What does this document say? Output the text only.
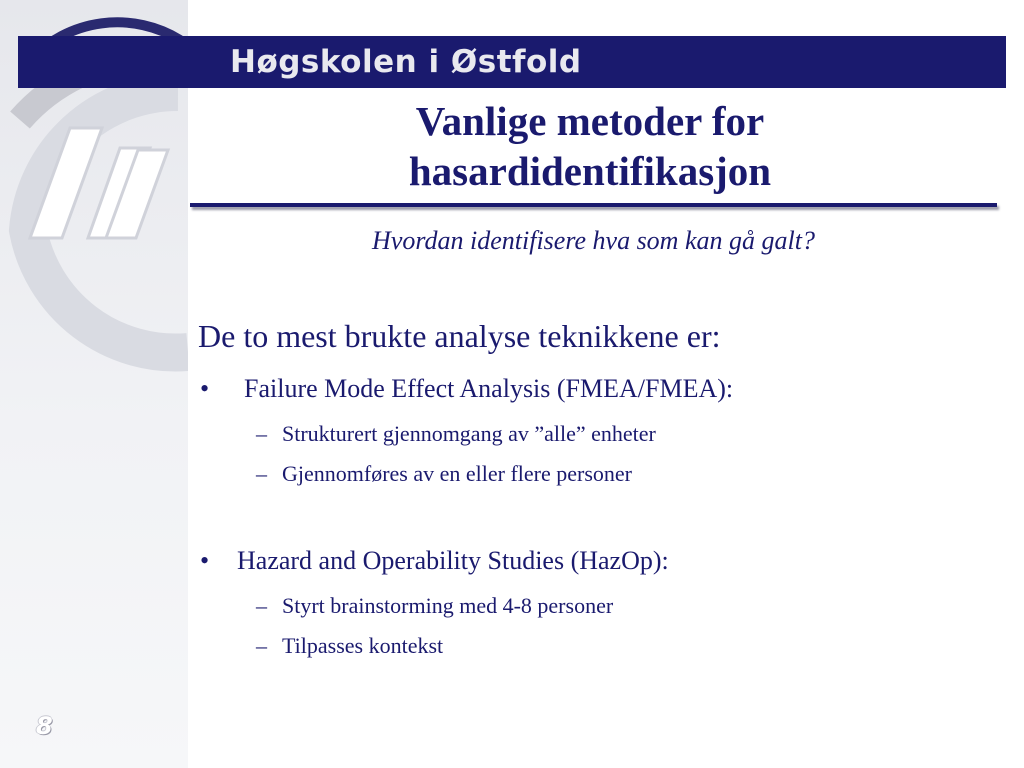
Høgskolen i Østfold
Vanlige metoder for
hasardidentifikasjon
Hvordan identifisere hva som kan gå galt?
De to mest brukte analyse teknikkene er:
• Failure Mode Effect Analysis (FMEA/FMEA):
– Strukturert gjennomgang av ”alle” enheter
– Gjennomføres av en eller flere personer
• Hazard and Operability Studies (HazOp):
– Styrt brainstorming med 4-8 personer
– Tilpasses kontekst
8
